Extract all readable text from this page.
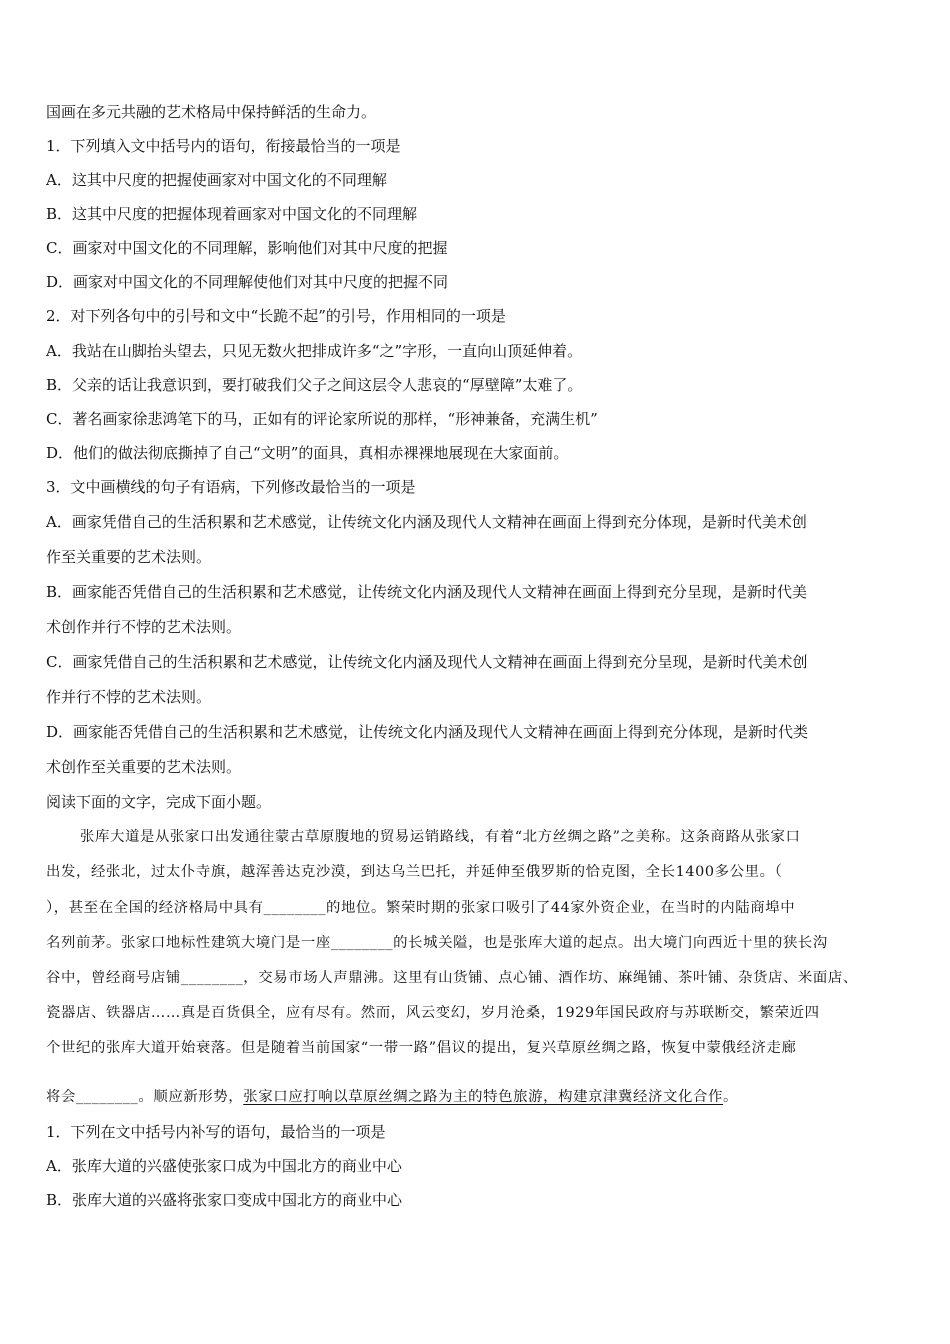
国画在多元共融的艺术格局中保持鲜活的生命力。
1．下列填入文中括号内的语句，衔接最恰当的一项是
A．这其中尺度的把握使画家对中国文化的不同理解
B．这其中尺度的把握体现着画家对中国文化的不同理解
C．画家对中国文化的不同理解，影响他们对其中尺度的把握
D．画家对中国文化的不同理解使他们对其中尺度的把握不同
2．对下列各句中的引号和文中“长跪不起”的引号，作用相同的一项是
A．我站在山脚抬头望去，只见无数火把排成许多“之”字形，一直向山顶延伸着。
B．父亲的话让我意识到，要打破我们父子之间这层令人悲哀的“厚壁障”太难了。
C．著名画家徐悲鸿笔下的马，正如有的评论家所说的那样，“形神兼备，充满生机”
D．他们的做法彻底撕掉了自己“文明”的面具，真相赤裸裸地展现在大家面前。
3．文中画横线的句子有语病，下列修改最恰当的一项是
A．画家凭借自己的生活积累和艺术感觉，让传统文化内涵及现代人文精神在画面上得到充分体现，是新时代美术创
作至关重要的艺术法则。
B．画家能否凭借自己的生活积累和艺术感觉，让传统文化内涵及现代人文精神在画面上得到充分呈现，是新时代美
术创作并行不悖的艺术法则。
C．画家凭借自己的生活积累和艺术感觉，让传统文化内涵及现代人文精神在画面上得到充分呈现，是新时代美术创
作并行不悖的艺术法则。
D．画家能否凭借自己的生活积累和艺术感觉，让传统文化内涵及现代人文精神在画面上得到充分体现，是新时代类
术创作至关重要的艺术法则。
阅读下面的文字，完成下面小题。
张库大道是从张家口出发通往蒙古草原腹地的贸易运销路线，有着“北方丝绸之路”之美称。这条商路从张家口
出发，经张北，过太仆寺旗，越浑善达克沙漠，到达乌兰巴托，并延伸至俄罗斯的恰克图，全长1400多公里。（
），甚至在全国的经济格局中具有________的地位。繁荣时期的张家口吸引了44家外资企业，在当时的内陆商埠中
名列前茅。张家口地标性建筑大境门是一座________的长城关隘，也是张库大道的起点。出大境门向西近十里的狭长沟
谷中，曾经商号店铺________，交易市场人声鼎沸。这里有山货铺、点心铺、酒作坊、麻绳铺、茶叶铺、杂货店、米面店、
瓷器店、铁器店……真是百货俱全，应有尽有。然而，风云变幻，岁月沧桑，1929年国民政府与苏联断交，繁荣近四
个世纪的张库大道开始衰落。但是随着当前国家“一带一路”倡议的提出，复兴草原丝绸之路，恢复中蒙俄经济走廊
将会________。顺应新形势，张家口应打响以草原丝绸之路为主的特色旅游，构建京津冀经济文化合作。
1．下列在文中括号内补写的语句，最恰当的一项是
A．张库大道的兴盛使张家口成为中国北方的商业中心
B．张库大道的兴盛将张家口变成中国北方的商业中心
